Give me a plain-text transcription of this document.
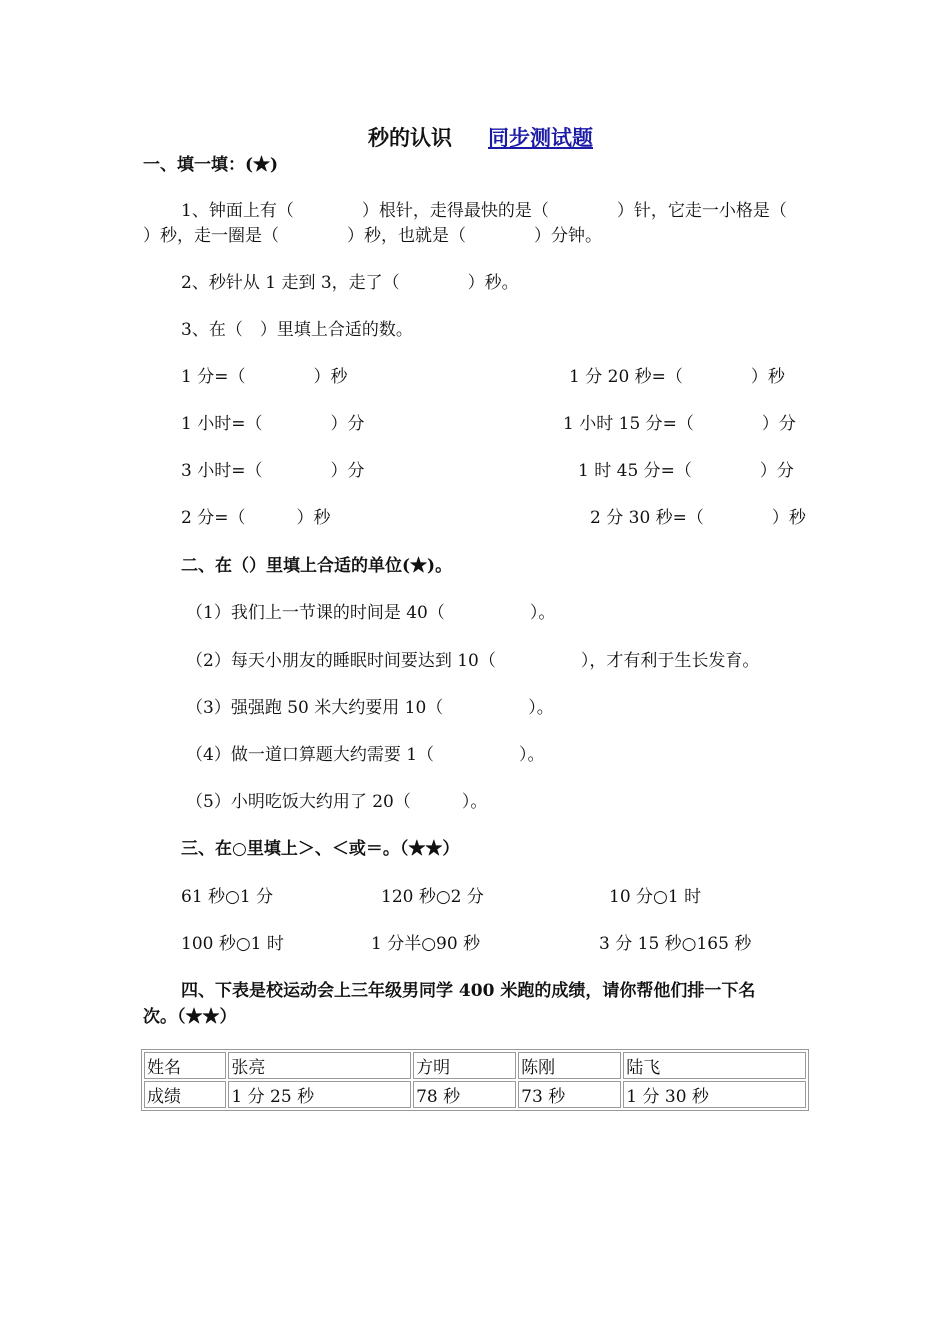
秒的认识 同步测试题
一、填一填：(★)
1、钟面上有（　　　　）根针，走得最快的是（　　　　）针，它走一小格是（
）秒，走一圈是（　　　　）秒，也就是（　　　　）分钟。
2、秒针从 1 走到 3，走了（　　　　）秒。
3、在（　）里填上合适的数。
1 分=（　　　　）秒	1 分 20 秒=（　　　　）秒
1 小时=（　　　　）分	1 小时 15 分=（　　　　）分
3 小时=（　　　　）分	1 时 45 分=（　　　　）分
2 分=（　　　）秒	2 分 30 秒=（　　　　）秒
二、在（）里填上合适的单位(★)。
（1）我们上一节课的时间是 40（　　　　　）。
（2）每天小朋友的睡眠时间要达到 10（　　　　　），才有利于生长发育。
（3）强强跑 50 米大约要用 10（　　　　　）。
（4）做一道口算题大约需要 1（　　　　　）。
（5）小明吃饭大约用了 20（　　　）。
三、在○里填上＞、＜或＝。（★★）
61 秒○1 分	120 秒○2 分	10 分○1 时
100 秒○1 时	1 分半○90 秒	3 分 15 秒○165 秒
四、下表是校运动会上三年级男同学 400 米跑的成绩，请你帮他们排一下名
次。（★★）
姓名	张亮	方明	陈刚	陆飞
成绩	1 分 25 秒	78 秒	73 秒	1 分 30 秒
